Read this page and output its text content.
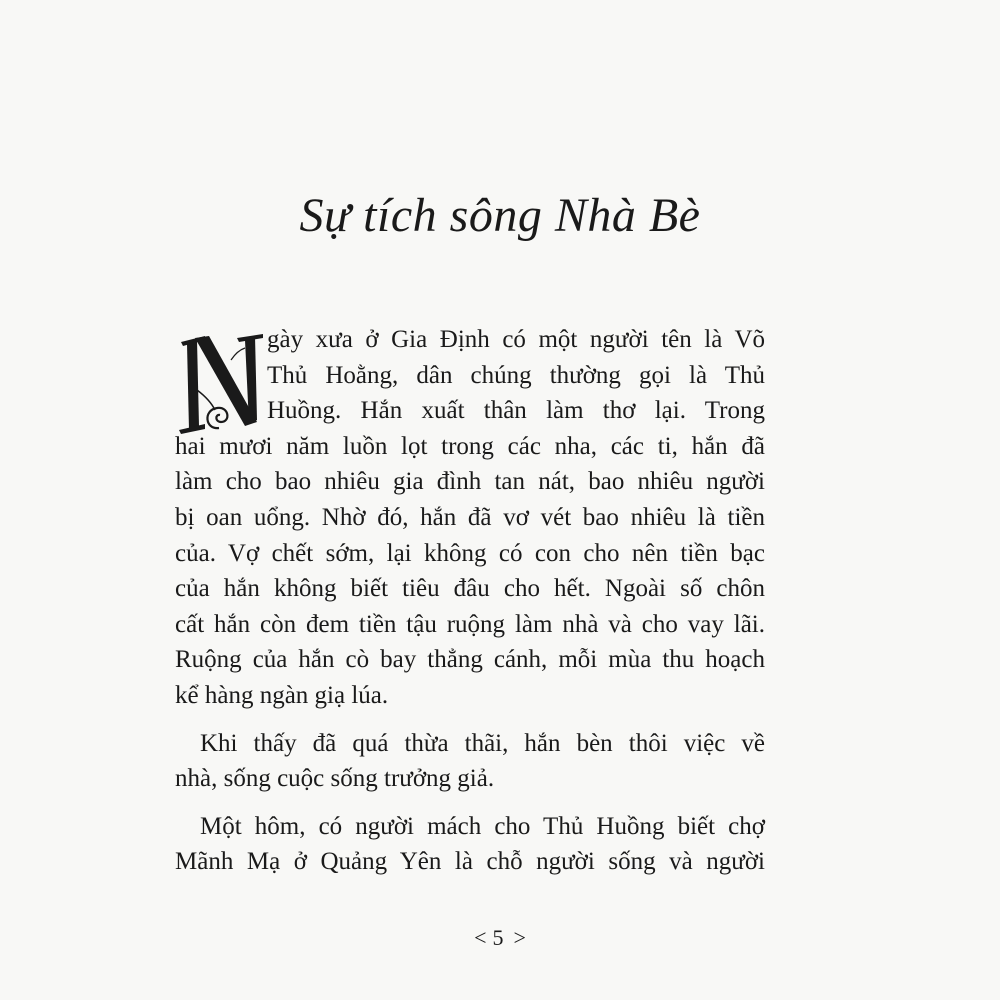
Sự tích sông Nhà Bè

gày xưa ở Gia Định có một người tên là Võ
Thủ Hoằng, dân chúng thường gọi là Thủ
Huồng. Hắn xuất thân làm thơ lại. Trong
hai mươi năm luồn lọt trong các nha, các ti, hắn đã
làm cho bao nhiêu gia đình tan nát, bao nhiêu người
bị oan uổng. Nhờ đó, hắn đã vơ vét bao nhiêu là tiền
của. Vợ chết sớm, lại không có con cho nên tiền bạc
của hắn không biết tiêu đâu cho hết. Ngoài số chôn
cất hắn còn đem tiền tậu ruộng làm nhà và cho vay lãi.
Ruộng của hắn cò bay thẳng cánh, mỗi mùa thu hoạch
kể hàng ngàn giạ lúa.

Khi thấy đã quá thừa thãi, hắn bèn thôi việc về
nhà, sống cuộc sống trưởng giả.

Một hôm, có người mách cho Thủ Huồng biết chợ
Mãnh Mạ ở Quảng Yên là chỗ người sống và người

<5 >
